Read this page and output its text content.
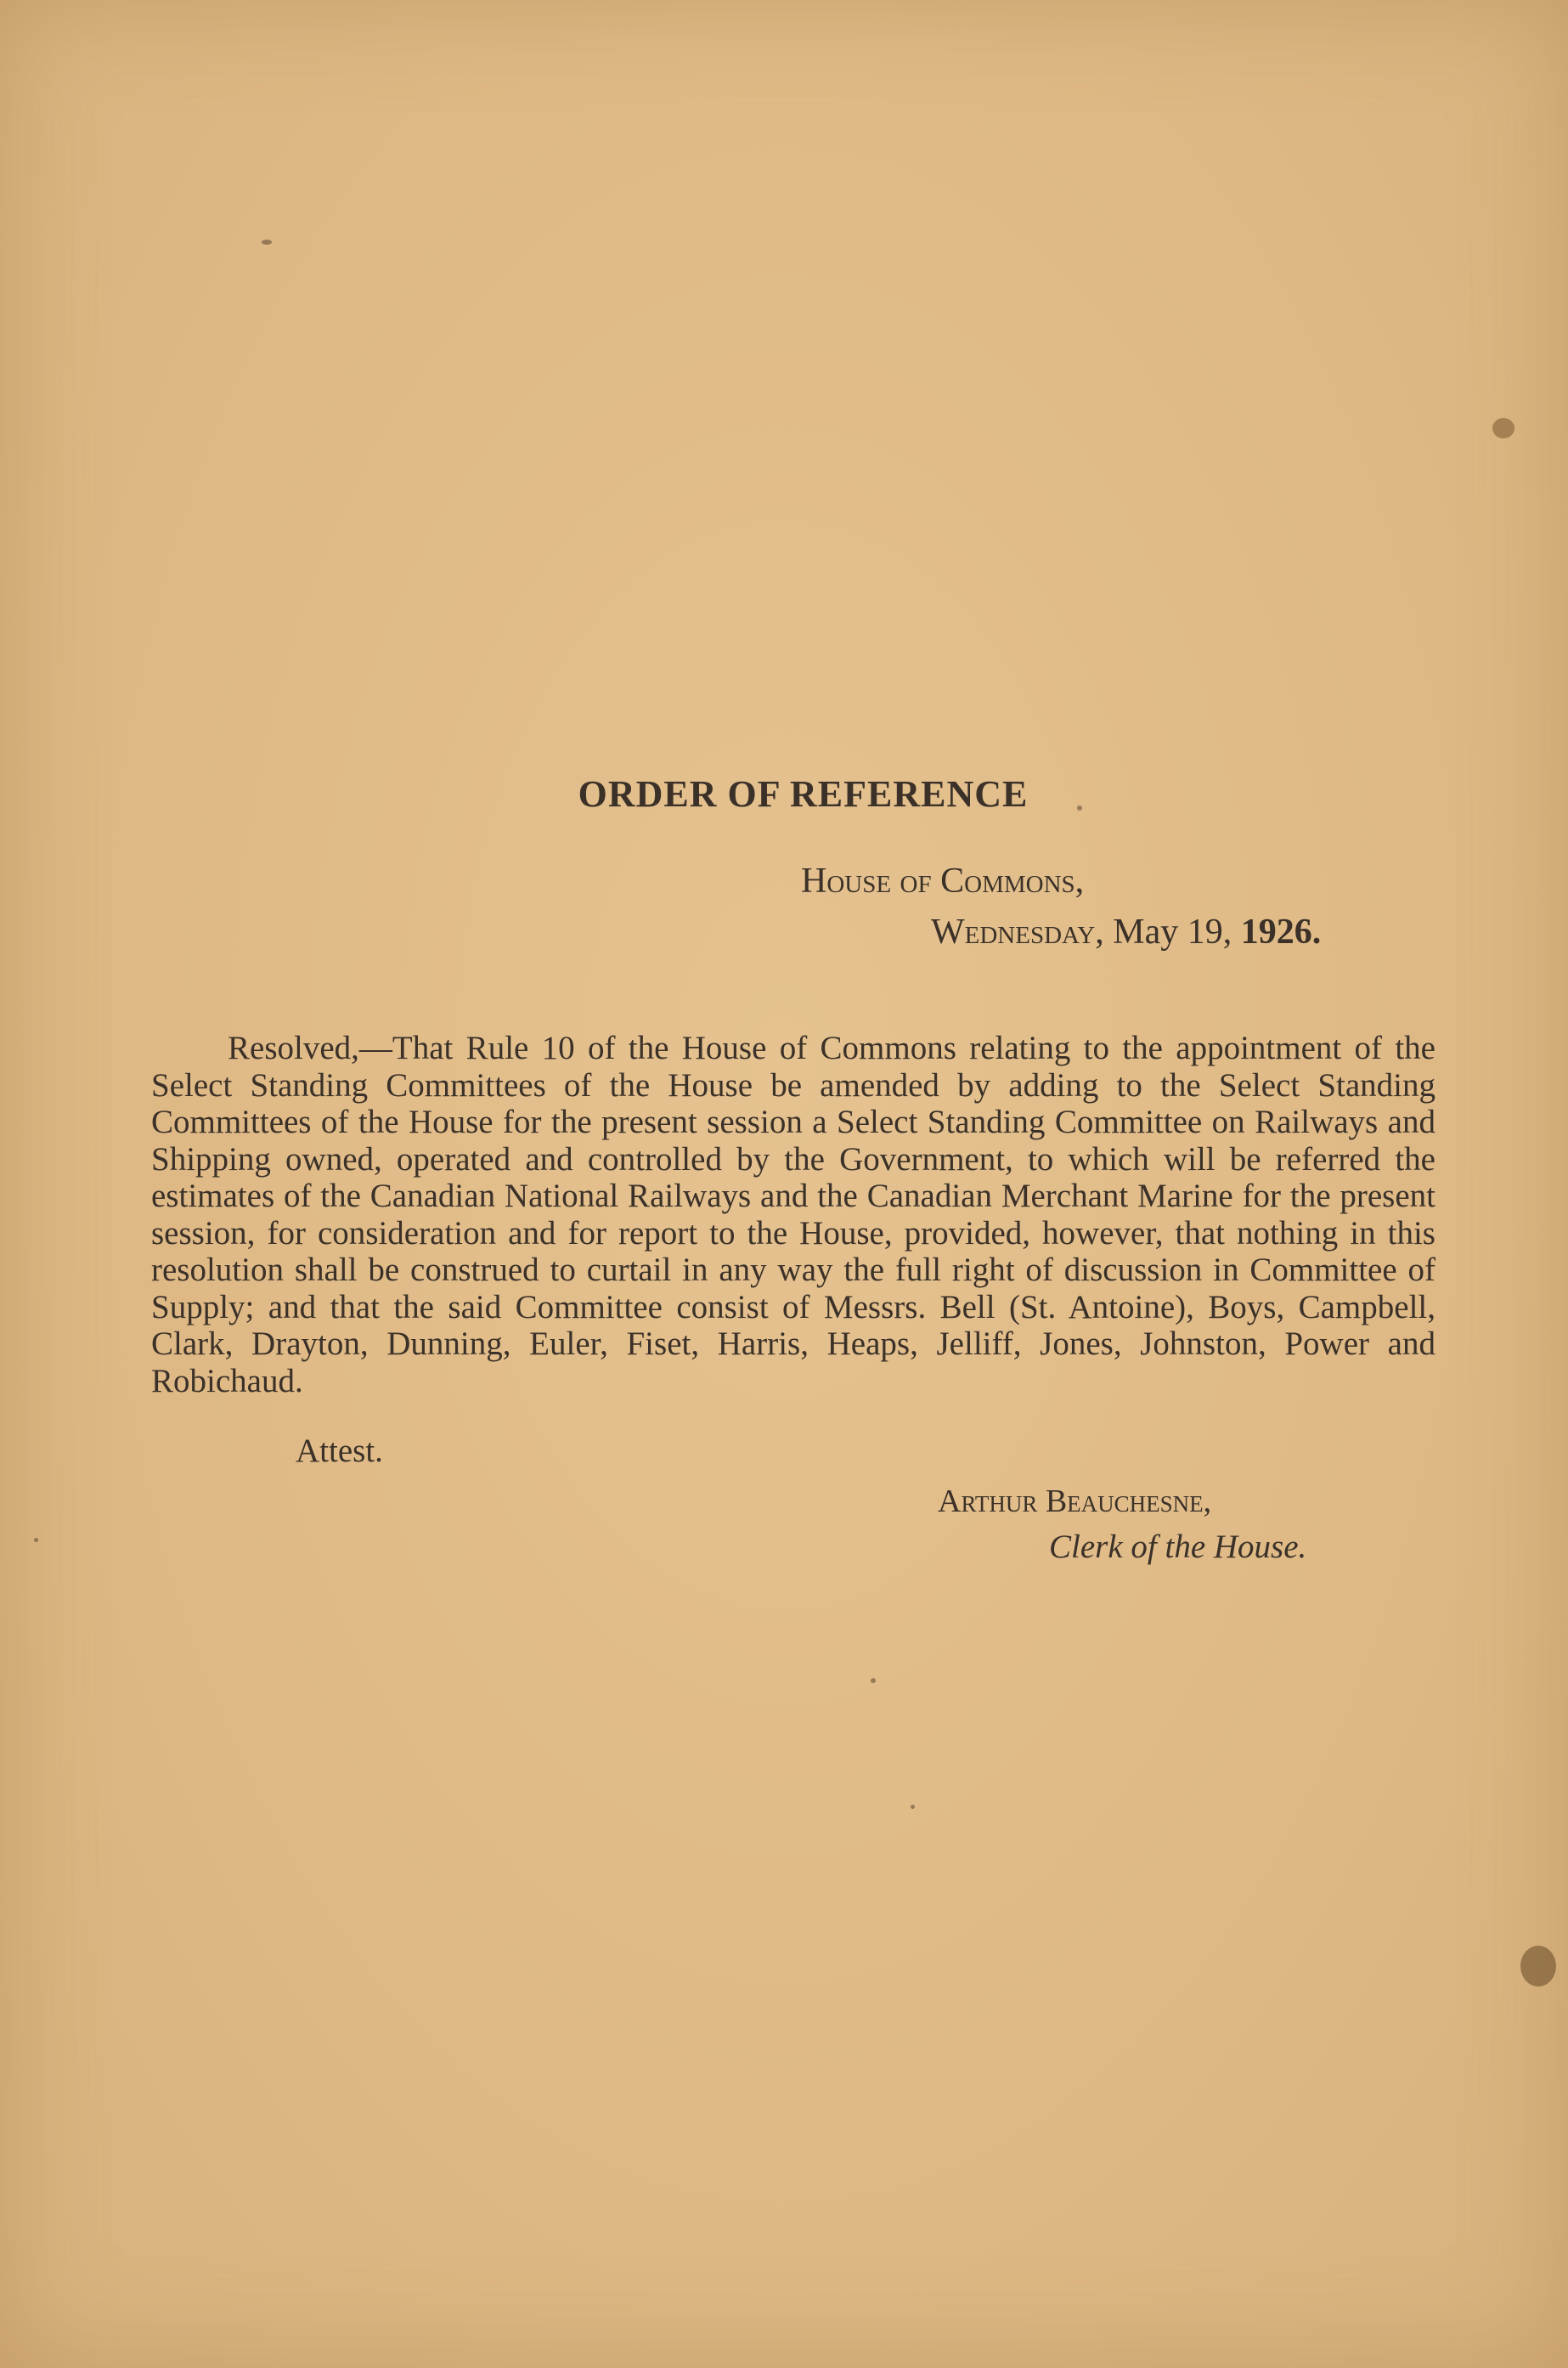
ORDER OF REFERENCE
House of Commons,
Wednesday, May 19, 1926.

Resolved,—That Rule 10 of the House of Commons relating to the appointment of the Select Standing Committees of the House be amended by adding to the Select Standing Committees of the House for the present session a Select Standing Committee on Railways and Shipping owned, operated and controlled by the Government, to which will be referred the estimates of the Canadian National Railways and the Canadian Merchant Marine for the present session, for consideration and for report to the House, provided, however, that nothing in this resolution shall be construed to curtail in any way the full right of discussion in Committee of Supply; and that the said Committee consist of Messrs. Bell (St. Antoine), Boys, Campbell, Clark, Drayton, Dunning, Euler, Fiset, Harris, Heaps, Jelliff, Jones, Johnston, Power and Robichaud.

Attest.
Arthur Beauchesne,
Clerk of the House.
